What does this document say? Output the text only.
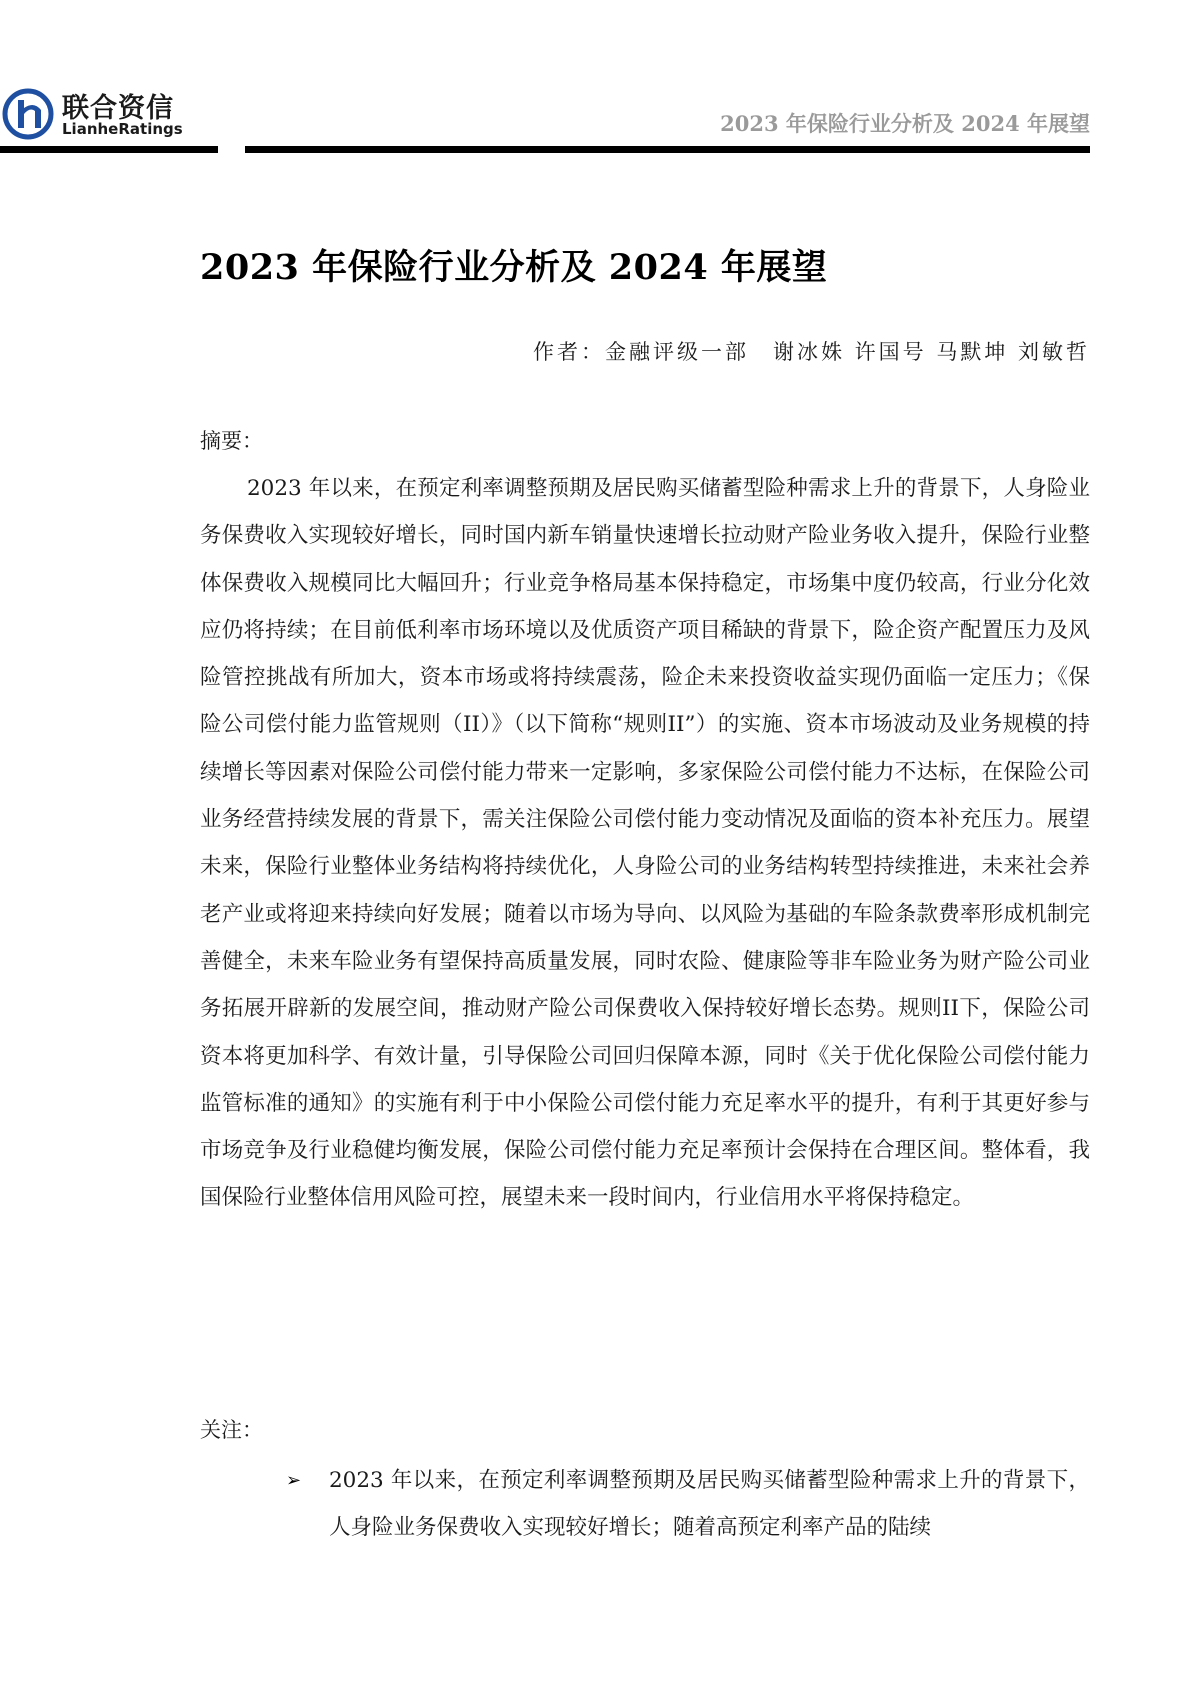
联合资信
LianheRatings	2023 年保险行业分析及 2024 年展望
2023 年保险行业分析及 2024 年展望
作者：金融评级一部　谢冰姝 许国号 马默坤 刘敏哲
摘要：

2023 年以来，在预定利率调整预期及居民购买储蓄型险种需求上升的背景下，人身险业务保费收入实现较好增长，同时国内新车销量快速增长拉动财产险业务收入提升，保险行业整体保费收入规模同比大幅回升；行业竞争格局基本保持稳定，市场集中度仍较高，行业分化效应仍将持续；在目前低利率市场环境以及优质资产项目稀缺的背景下，险企资产配置压力及风险管控挑战有所加大，资本市场或将持续震荡，险企未来投资收益实现仍面临一定压力；《保险公司偿付能力监管规则（II）》（以下简称“规则II”）的实施、资本市场波动及业务规模的持续增长等因素对保险公司偿付能力带来一定影响，多家保险公司偿付能力不达标，在保险公司业务经营持续发展的背景下，需关注保险公司偿付能力变动情况及面临的资本补充压力。展望未来，保险行业整体业务结构将持续优化，人身险公司的业务结构转型持续推进，未来社会养老产业或将迎来持续向好发展；随着以市场为导向、以风险为基础的车险条款费率形成机制完善健全，未来车险业务有望保持高质量发展，同时农险、健康险等非车险业务为财产险公司业务拓展开辟新的发展空间，推动财产险公司保费收入保持较好增长态势。规则II下，保险公司资本将更加科学、有效计量，引导保险公司回归保障本源，同时《关于优化保险公司偿付能力监管标准的通知》的实施有利于中小保险公司偿付能力充足率水平的提升，有利于其更好参与市场竞争及行业稳健均衡发展，保险公司偿付能力充足率预计会保持在合理区间。整体看，我国保险行业整体信用风险可控，展望未来一段时间内，行业信用水平将保持稳定。

关注：
➢ 2023 年以来，在预定利率调整预期及居民购买储蓄型险种需求上升的背景下，人身险业务保费收入实现较好增长；随着高预定利率产品的陆续
